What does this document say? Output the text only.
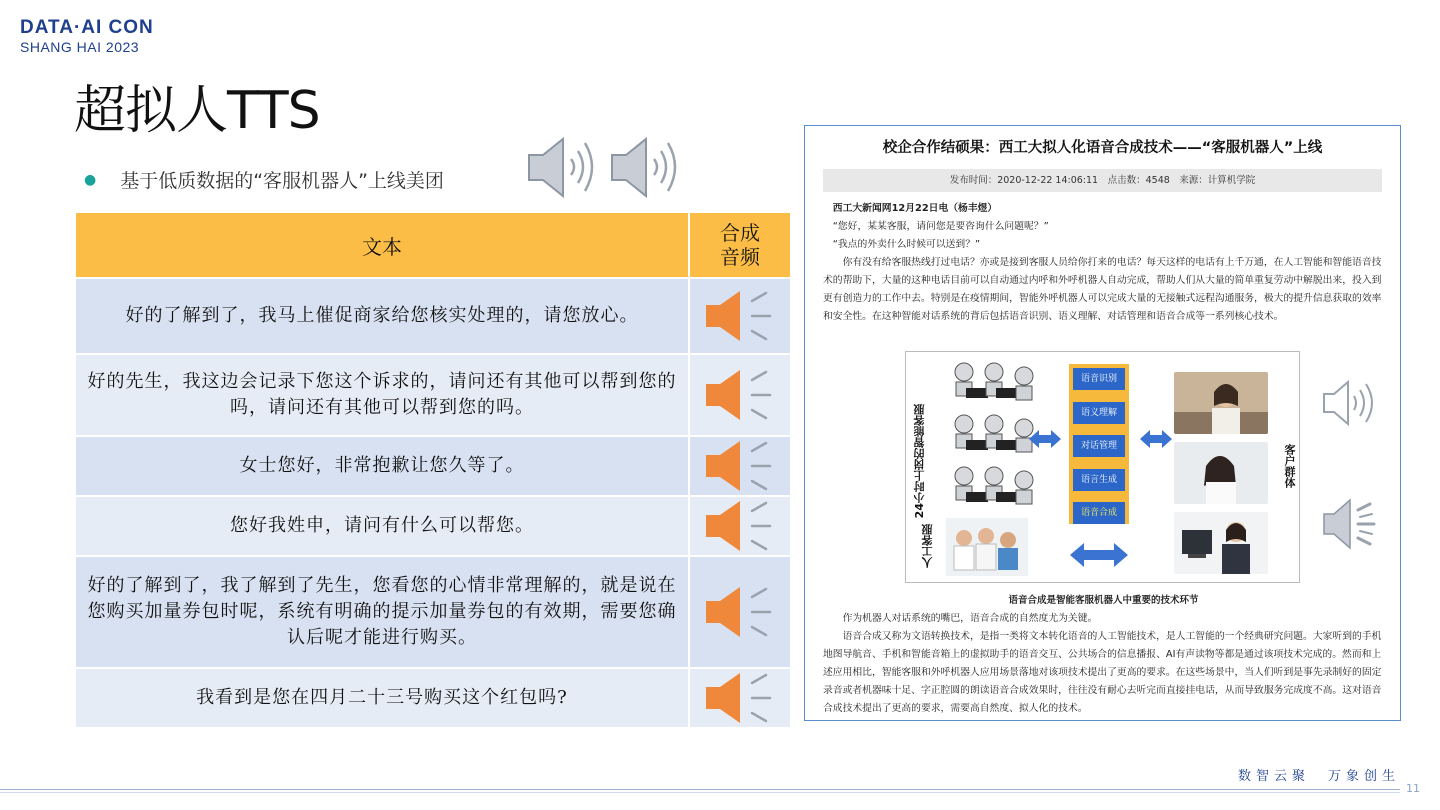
DATA·AI CON
SHANG HAI 2023
超拟人TTS
● 基于低质数据的“客服机器人”上线美团
文本	合成
音频
好的了解到了，我马上催促商家给您核实处理的，请您放心。	

好的先生，我这边会记录下您这个诉求的，请问还有其他可以帮到您的吗，请问还有其他可以帮到您的吗。	

女士您好，非常抱歉让您久等了。	

您好我姓申，请问有什么可以帮您。	

好的了解到了，我了解到了先生，您看您的心情非常理解的，就是说在您购买加量券包时呢，系统有明确的提示加量券包的有效期，需要您确认后呢才能进行购买。	

我看到是您在四月二十三号购买这个红包吗?	
校企合作结硕果：西工大拟人化语音合成技术——“客服机器人”上线
发布时间：2020-12-22 14:06:11　点击数：4548　来源：计算机学院

西工大新闻网12月22日电（杨丰煜）

“您好，某某客服，请问您是要咨询什么问题呢？”

“我点的外卖什么时候可以送到？”

你有没有给客服热线打过电话？亦或是接到客服人员给你打来的电话？每天这样的电话有上千万通，在人工智能和智能语音技术的帮助下，大量的这种电话目前可以自动通过内呼和外呼机器人自动完成，帮助人们从大量的简单重复劳动中解脱出来，投入到更有创造力的工作中去。特别是在疫情期间，智能外呼机器人可以完成大量的无接触式远程沟通服务，极大的提升信息获取的效率和安全性。在这种智能对话系统的背后包括语音识别、语义理解、对话管理和语音合成等一系列核心技术。

24小时上岗的智能客服
人工客服
客户群体
语音识别
语义理解
对话管理
语言生成
语音合成
语音合成是智能客服机器人中重要的技术环节

作为机器人对话系统的嘴巴，语音合成的自然度尤为关键。

语音合成又称为文语转换技术，是指一类将文本转化语音的人工智能技术，是人工智能的一个经典研究问题。大家听到的手机地图导航音、手机和智能音箱上的虚拟助手的语音交互、公共场合的信息播报、AI有声读物等都是通过该项技术完成的。然而和上述应用相比，智能客服和外呼机器人应用场景落地对该项技术提出了更高的要求。在这些场景中，当人们听到是事先录制好的固定录音或者机器味十足、字正腔圆的朗读语音合成效果时，往往没有耐心去听完而直接挂电话，从而导致服务完成度不高。这对语音合成技术提出了更高的要求，需要高自然度、拟人化的技术。

数智云聚　万象创生
11
